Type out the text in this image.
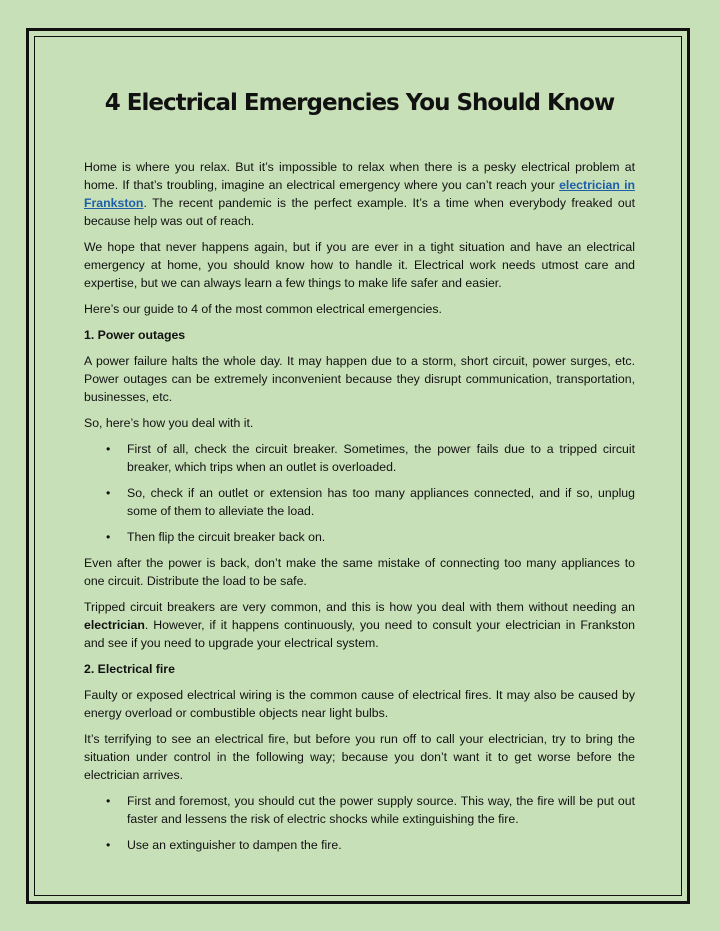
4 Electrical Emergencies You Should Know

Home is where you relax. But it’s impossible to relax when there is a pesky electrical problem at home. If that’s troubling, imagine an electrical emergency where you can’t reach your electrician in Frankston. The recent pandemic is the perfect example. It’s a time when everybody freaked out because help was out of reach.

We hope that never happens again, but if you are ever in a tight situation and have an electrical emergency at home, you should know how to handle it. Electrical work needs utmost care and expertise, but we can always learn a few things to make life safer and easier.

Here’s our guide to 4 of the most common electrical emergencies.

1. Power outages

A power failure halts the whole day. It may happen due to a storm, short circuit, power surges, etc. Power outages can be extremely inconvenient because they disrupt communication, transportation, businesses, etc.

So, here’s how you deal with it.

• First of all, check the circuit breaker. Sometimes, the power fails due to a tripped circuit breaker, which trips when an outlet is overloaded.
• So, check if an outlet or extension has too many appliances connected, and if so, unplug some of them to alleviate the load.
• Then flip the circuit breaker back on.

Even after the power is back, don’t make the same mistake of connecting too many appliances to one circuit. Distribute the load to be safe.

Tripped circuit breakers are very common, and this is how you deal with them without needing an electrician. However, if it happens continuously, you need to consult your electrician in Frankston and see if you need to upgrade your electrical system.

2. Electrical fire

Faulty or exposed electrical wiring is the common cause of electrical fires. It may also be caused by energy overload or combustible objects near light bulbs.

It’s terrifying to see an electrical fire, but before you run off to call your electrician, try to bring the situation under control in the following way; because you don’t want it to get worse before the electrician arrives.

• First and foremost, you should cut the power supply source. This way, the fire will be put out faster and lessens the risk of electric shocks while extinguishing the fire.
• Use an extinguisher to dampen the fire.
